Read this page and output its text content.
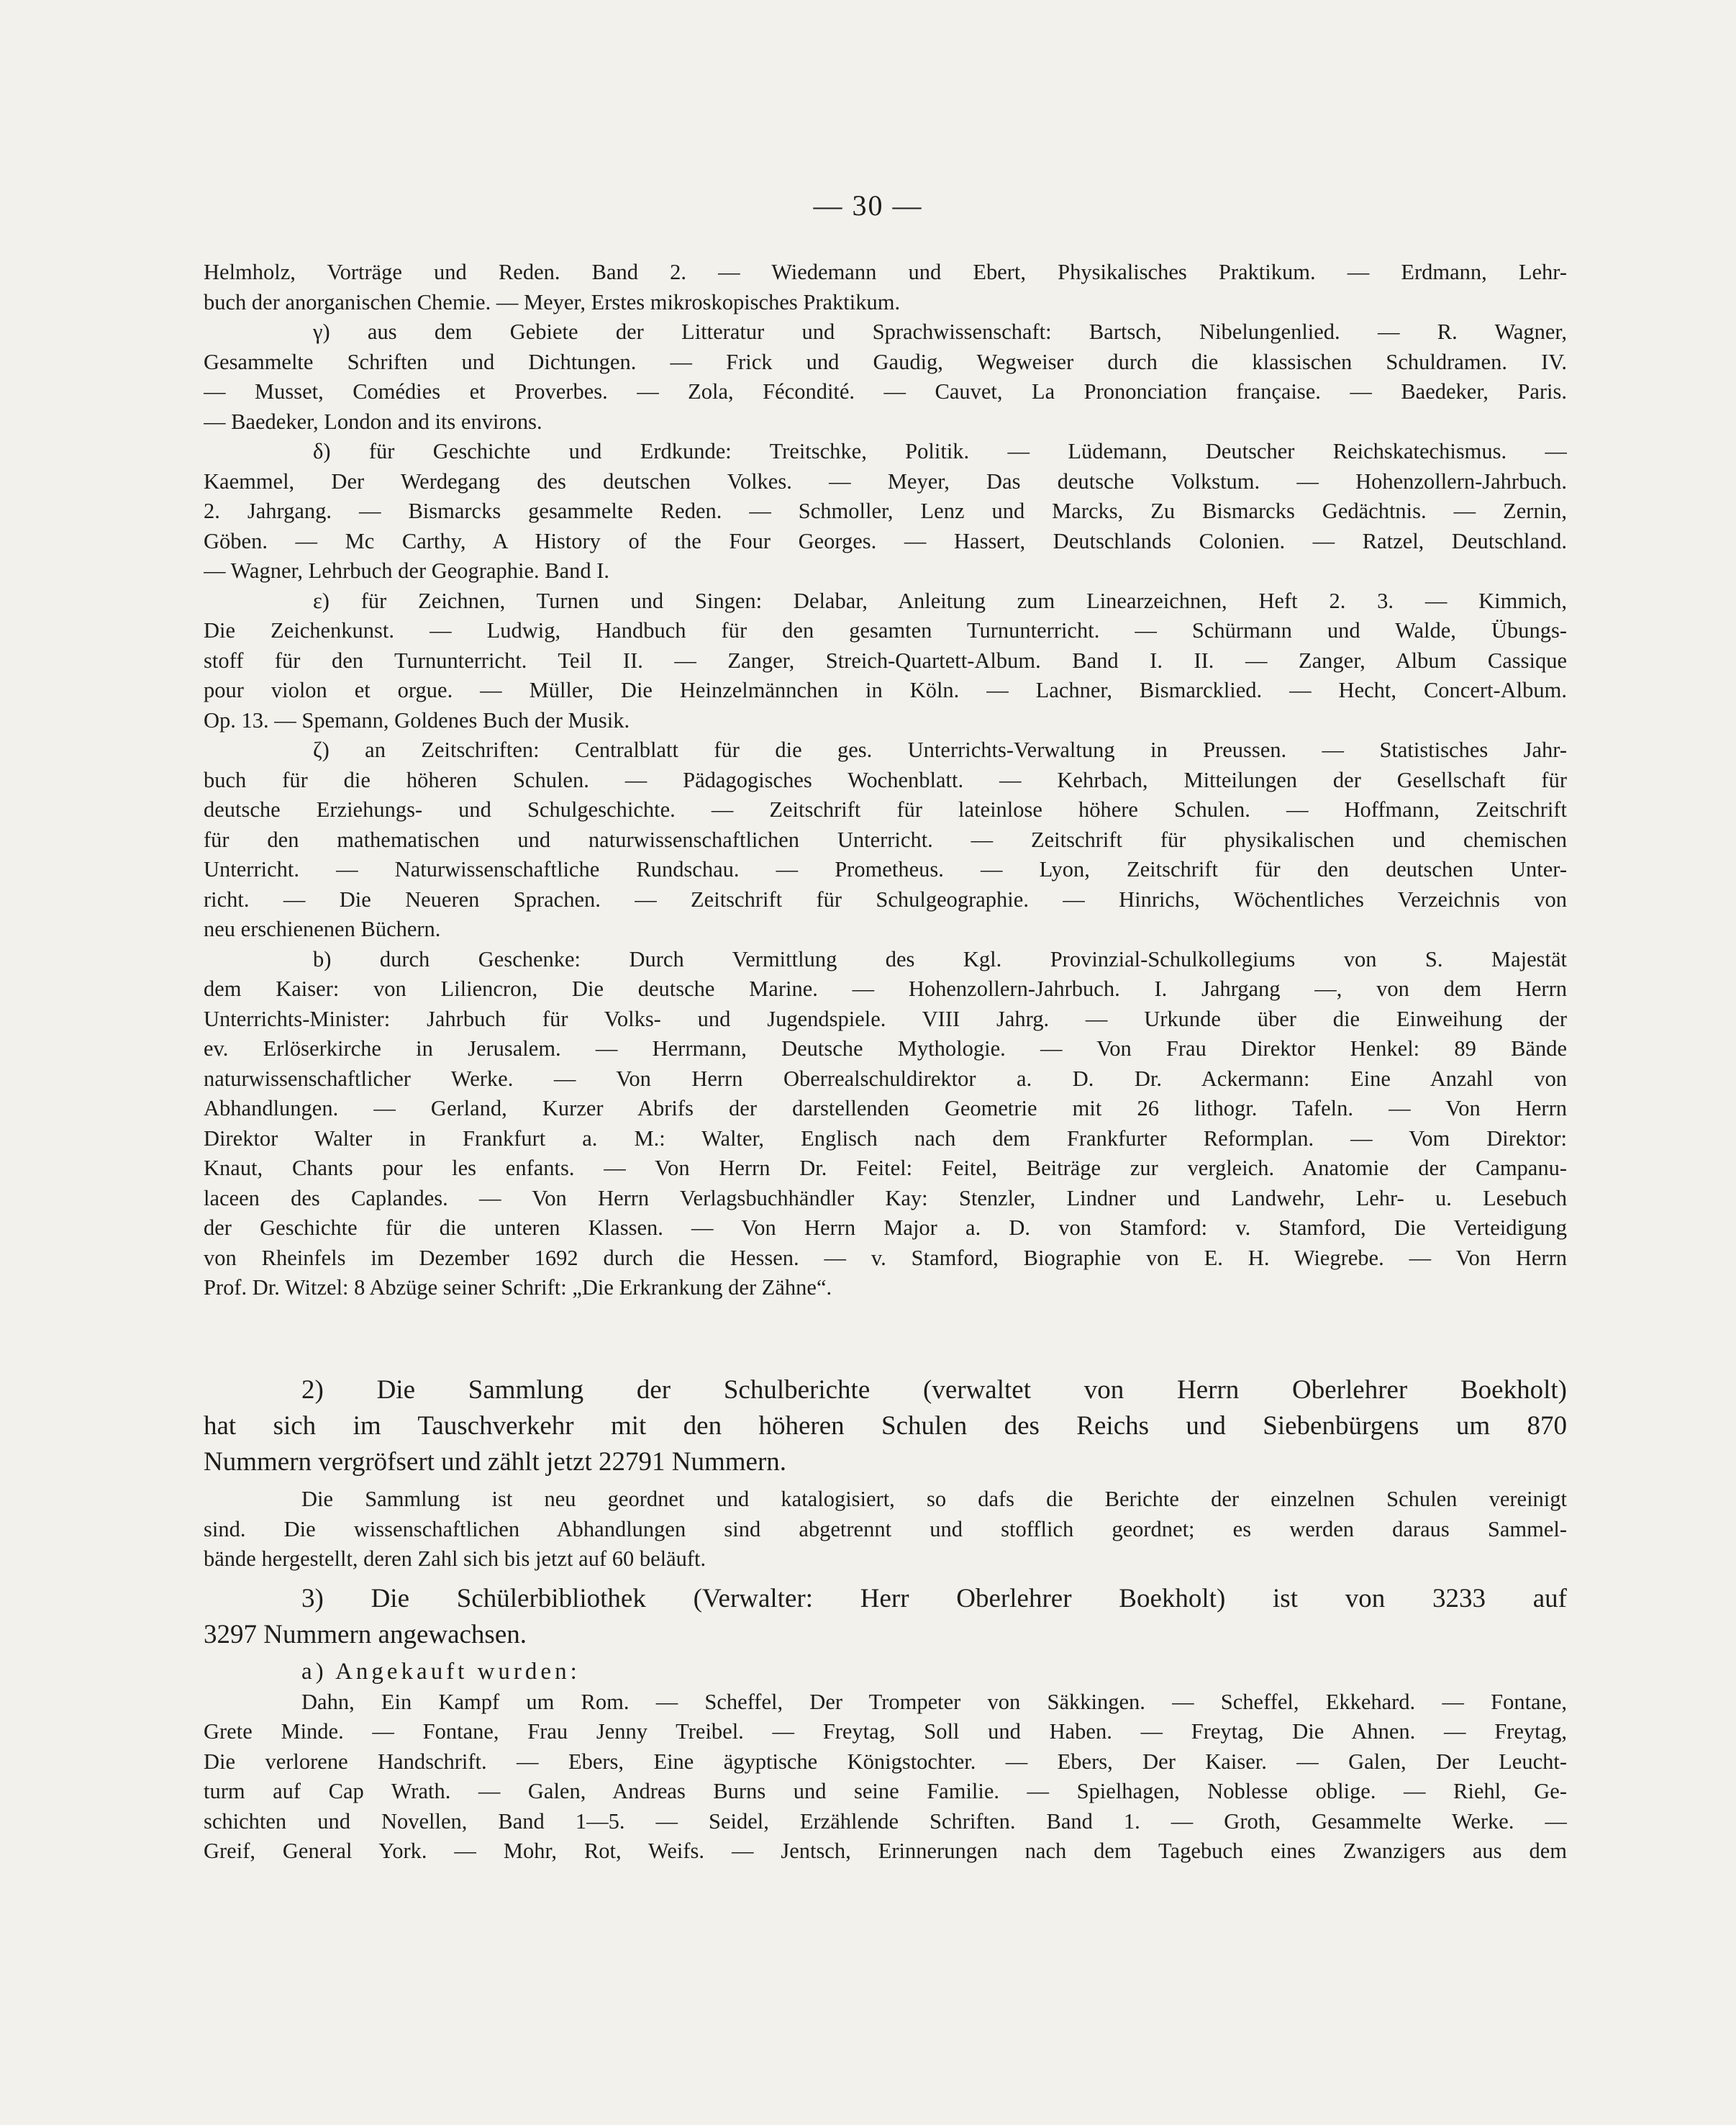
— 30 —
Helmholz, Vorträge und Reden. Band 2. — Wiedemann und Ebert, Physikalisches Praktikum. — Erdmann, Lehr-
buch der anorganischen Chemie. — Meyer, Erstes mikroskopisches Praktikum.
γ) aus dem Gebiete der Litteratur und Sprachwissenschaft: Bartsch, Nibelungenlied. — R. Wagner,
Gesammelte Schriften und Dichtungen. — Frick und Gaudig, Wegweiser durch die klassischen Schuldramen. IV.
— Musset, Comédies et Proverbes. — Zola, Fécondité. — Cauvet, La Prononciation française. — Baedeker, Paris.
— Baedeker, London and its environs.
δ) für Geschichte und Erdkunde: Treitschke, Politik. — Lüdemann, Deutscher Reichskatechismus. —
Kaemmel, Der Werdegang des deutschen Volkes. — Meyer, Das deutsche Volkstum. — Hohenzollern-Jahrbuch.
2. Jahrgang. — Bismarcks gesammelte Reden. — Schmoller, Lenz und Marcks, Zu Bismarcks Gedächtnis. — Zernin,
Göben. — Mc Carthy, A History of the Four Georges. — Hassert, Deutschlands Colonien. — Ratzel, Deutschland.
— Wagner, Lehrbuch der Geographie. Band I.
ε) für Zeichnen, Turnen und Singen: Delabar, Anleitung zum Linearzeichnen, Heft 2. 3. — Kimmich,
Die Zeichenkunst. — Ludwig, Handbuch für den gesamten Turnunterricht. — Schürmann und Walde, Übungs-
stoff für den Turnunterricht. Teil II. — Zanger, Streich-Quartett-Album. Band I. II. — Zanger, Album Cassique
pour violon et orgue. — Müller, Die Heinzelmännchen in Köln. — Lachner, Bismarcklied. — Hecht, Concert-Album.
Op. 13. — Spemann, Goldenes Buch der Musik.
ζ) an Zeitschriften: Centralblatt für die ges. Unterrichts-Verwaltung in Preussen. — Statistisches Jahr-
buch für die höheren Schulen. — Pädagogisches Wochenblatt. — Kehrbach, Mitteilungen der Gesellschaft für
deutsche Erziehungs- und Schulgeschichte. — Zeitschrift für lateinlose höhere Schulen. — Hoffmann, Zeitschrift
für den mathematischen und naturwissenschaftlichen Unterricht. — Zeitschrift für physikalischen und chemischen
Unterricht. — Naturwissenschaftliche Rundschau. — Prometheus. — Lyon, Zeitschrift für den deutschen Unter-
richt. — Die Neueren Sprachen. — Zeitschrift für Schulgeographie. — Hinrichs, Wöchentliches Verzeichnis von
neu erschienenen Büchern.
b) durch Geschenke: Durch Vermittlung des Kgl. Provinzial-Schulkollegiums von S. Majestät
dem Kaiser: von Liliencron, Die deutsche Marine. — Hohenzollern-Jahrbuch. I. Jahrgang —, von dem Herrn
Unterrichts-Minister: Jahrbuch für Volks- und Jugendspiele. VIII Jahrg. — Urkunde über die Einweihung der
ev. Erlöserkirche in Jerusalem. — Herrmann, Deutsche Mythologie. — Von Frau Direktor Henkel: 89 Bände
naturwissenschaftlicher Werke. — Von Herrn Oberrealschuldirektor a. D. Dr. Ackermann: Eine Anzahl von
Abhandlungen. — Gerland, Kurzer Abrifs der darstellenden Geometrie mit 26 lithogr. Tafeln. — Von Herrn
Direktor Walter in Frankfurt a. M.: Walter, Englisch nach dem Frankfurter Reformplan. — Vom Direktor:
Knaut, Chants pour les enfants. — Von Herrn Dr. Feitel: Feitel, Beiträge zur vergleich. Anatomie der Campanu-
laceen des Caplandes. — Von Herrn Verlagsbuchhändler Kay: Stenzler, Lindner und Landwehr, Lehr- u. Lesebuch
der Geschichte für die unteren Klassen. — Von Herrn Major a. D. von Stamford: v. Stamford, Die Verteidigung
von Rheinfels im Dezember 1692 durch die Hessen. — v. Stamford, Biographie von E. H. Wiegrebe. — Von Herrn
Prof. Dr. Witzel: 8 Abzüge seiner Schrift: „Die Erkrankung der Zähne“.
2) Die Sammlung der Schulberichte (verwaltet von Herrn Oberlehrer Boekholt)
hat sich im Tauschverkehr mit den höheren Schulen des Reichs und Siebenbürgens um 870
Nummern vergröfsert und zählt jetzt 22791 Nummern.
Die Sammlung ist neu geordnet und katalogisiert, so dafs die Berichte der einzelnen Schulen vereinigt
sind. Die wissenschaftlichen Abhandlungen sind abgetrennt und stofflich geordnet; es werden daraus Sammel-
bände hergestellt, deren Zahl sich bis jetzt auf 60 beläuft.
3) Die Schülerbibliothek (Verwalter: Herr Oberlehrer Boekholt) ist von 3233 auf
3297 Nummern angewachsen.
a) Angekauft wurden:
Dahn, Ein Kampf um Rom. — Scheffel, Der Trompeter von Säkkingen. — Scheffel, Ekkehard. — Fontane,
Grete Minde. — Fontane, Frau Jenny Treibel. — Freytag, Soll und Haben. — Freytag, Die Ahnen. — Freytag,
Die verlorene Handschrift. — Ebers, Eine ägyptische Königstochter. — Ebers, Der Kaiser. — Galen, Der Leucht-
turm auf Cap Wrath. — Galen, Andreas Burns und seine Familie. — Spielhagen, Noblesse oblige. — Riehl, Ge-
schichten und Novellen, Band 1—5. — Seidel, Erzählende Schriften. Band 1. — Groth, Gesammelte Werke. —
Greif, General York. — Mohr, Rot, Weifs. — Jentsch, Erinnerungen nach dem Tagebuch eines Zwanzigers aus dem
